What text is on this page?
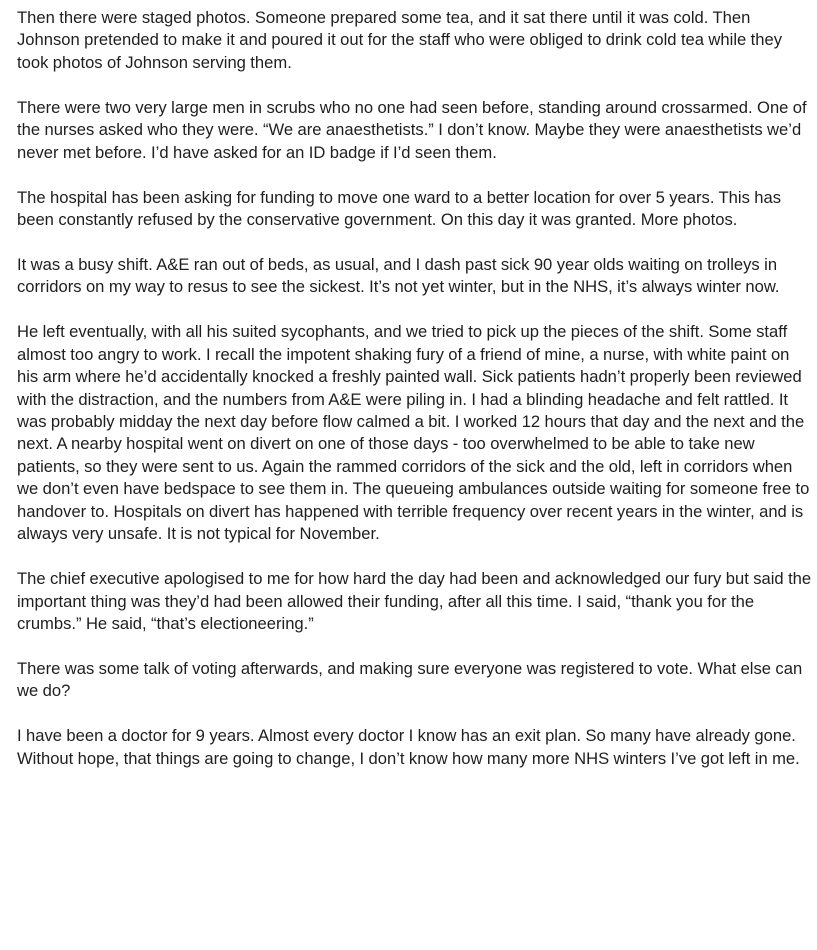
Then there were staged photos. Someone prepared some tea, and it sat there until it was cold. Then Johnson pretended to make it and poured it out for the staff who were obliged to drink cold tea while they took photos of Johnson serving them.

There were two very large men in scrubs who no one had seen before, standing around crossarmed. One of the nurses asked who they were. “We are anaesthetists.” I don’t know. Maybe they were anaesthetists we’d never met before. I’d have asked for an ID badge if I’d seen them.

The hospital has been asking for funding to move one ward to a better location for over 5 years. This has been constantly refused by the conservative government. On this day it was granted. More photos.

It was a busy shift. A&E ran out of beds, as usual, and I dash past sick 90 year olds waiting on trolleys in corridors on my way to resus to see the sickest. It’s not yet winter, but in the NHS, it’s always winter now.

He left eventually, with all his suited sycophants, and we tried to pick up the pieces of the shift. Some staff almost too angry to work. I recall the impotent shaking fury of a friend of mine, a nurse, with white paint on his arm where he’d accidentally knocked a freshly painted wall. Sick patients hadn’t properly been reviewed with the distraction, and the numbers from A&E were piling in. I had a blinding headache and felt rattled. It was probably midday the next day before flow calmed a bit. I worked 12 hours that day and the next and the next. A nearby hospital went on divert on one of those days - too overwhelmed to be able to take new patients, so they were sent to us. Again the rammed corridors of the sick and the old, left in corridors when we don’t even have bedspace to see them in. The queueing ambulances outside waiting for someone free to handover to. Hospitals on divert has happened with terrible frequency over recent years in the winter, and is always very unsafe. It is not typical for November.

The chief executive apologised to me for how hard the day had been and acknowledged our fury but said the important thing was they’d had been allowed their funding, after all this time. I said, “thank you for the crumbs.” He said, “that’s electioneering.”

There was some talk of voting afterwards, and making sure everyone was registered to vote. What else can we do?

I have been a doctor for 9 years. Almost every doctor I know has an exit plan. So many have already gone. Without hope, that things are going to change, I don’t know how many more NHS winters I’ve got left in me.
